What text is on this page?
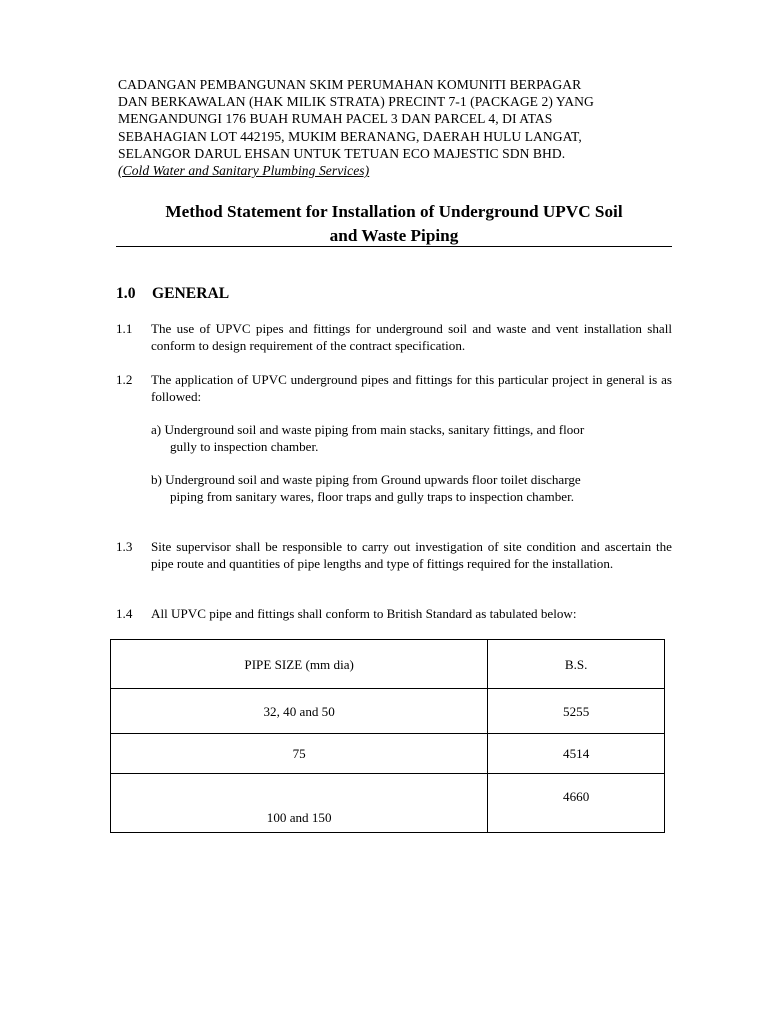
CADANGAN PEMBANGUNAN SKIM PERUMAHAN KOMUNITI BERPAGAR
DAN BERKAWALAN (HAK MILIK STRATA) PRECINT 7-1 (PACKAGE 2) YANG
MENGANDUNGI 176 BUAH RUMAH PACEL 3 DAN PARCEL 4, DI ATAS
SEBAHAGIAN LOT 442195, MUKIM BERANANG, DAERAH HULU LANGAT,
SELANGOR DARUL EHSAN UNTUK TETUAN ECO MAJESTIC SDN BHD.
(Cold Water and Sanitary Plumbing Services)
Method Statement for Installation of Underground UPVC Soil
and Waste Piping
1.0 GENERAL
1.1 The use of UPVC pipes and fittings for underground soil and waste and vent installation shall conform to design requirement of the contract specification.
1.2 The application of UPVC underground pipes and fittings for this particular project in general is as followed:
a) Underground soil and waste piping from main stacks, sanitary fittings, and floor
gully to inspection chamber.
b) Underground soil and waste piping from Ground upwards floor toilet discharge
piping from sanitary wares, floor traps and gully traps to inspection chamber.
1.3 Site supervisor shall be responsible to carry out investigation of site condition and ascertain the pipe route and quantities of pipe lengths and type of fittings required for the installation.
1.4 All UPVC pipe and fittings shall conform to British Standard as tabulated below:
PIPE SIZE (mm dia)	B.S.
32, 40 and 50	5255
75	4514
100 and 150	4660
